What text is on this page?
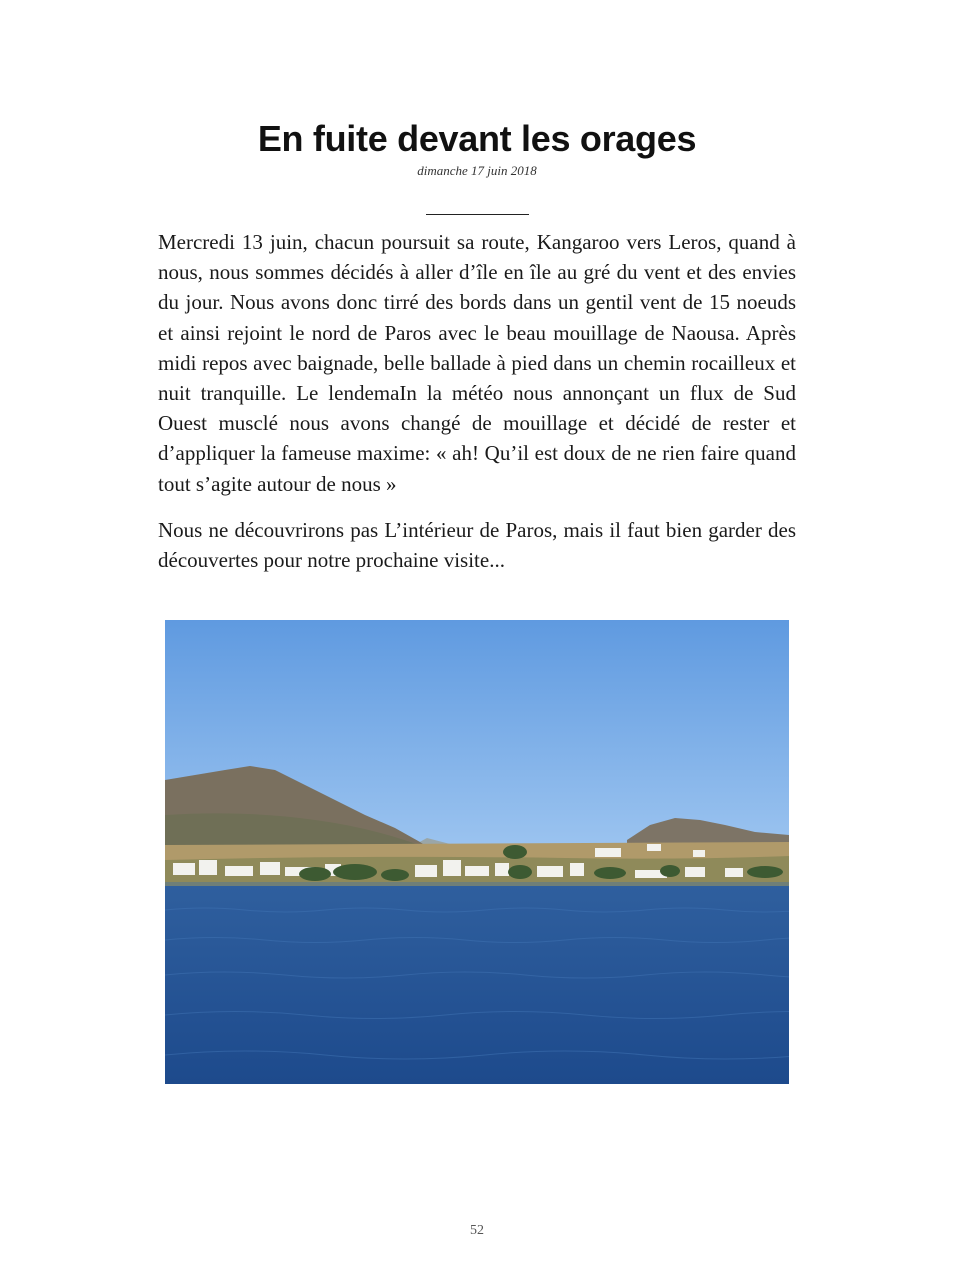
En fuite devant les orages
dimanche 17 juin 2018

Mercredi 13 juin, chacun poursuit sa route, Kangaroo vers Leros, quand à nous, nous sommes décidés à aller d’île en île au gré du vent et des envies du jour. Nous avons donc tirré des bords dans un gentil vent de 15 noeuds et ainsi rejoint le nord de Paros avec le beau mouillage de Naousa. Après midi repos avec baignade, belle ballade à pied dans un chemin rocailleux et nuit tranquille. Le lendemaIn la météo nous annonçant un flux de Sud Ouest musclé nous avons changé de mouillage et décidé de rester et d’appliquer la fameuse maxime: « ah! Qu’il est doux de ne rien faire quand tout s’agite autour de nous »

Nous ne découvrirons pas L’intérieur de Paros, mais il faut bien garder des découvertes pour notre prochaine visite...

52
